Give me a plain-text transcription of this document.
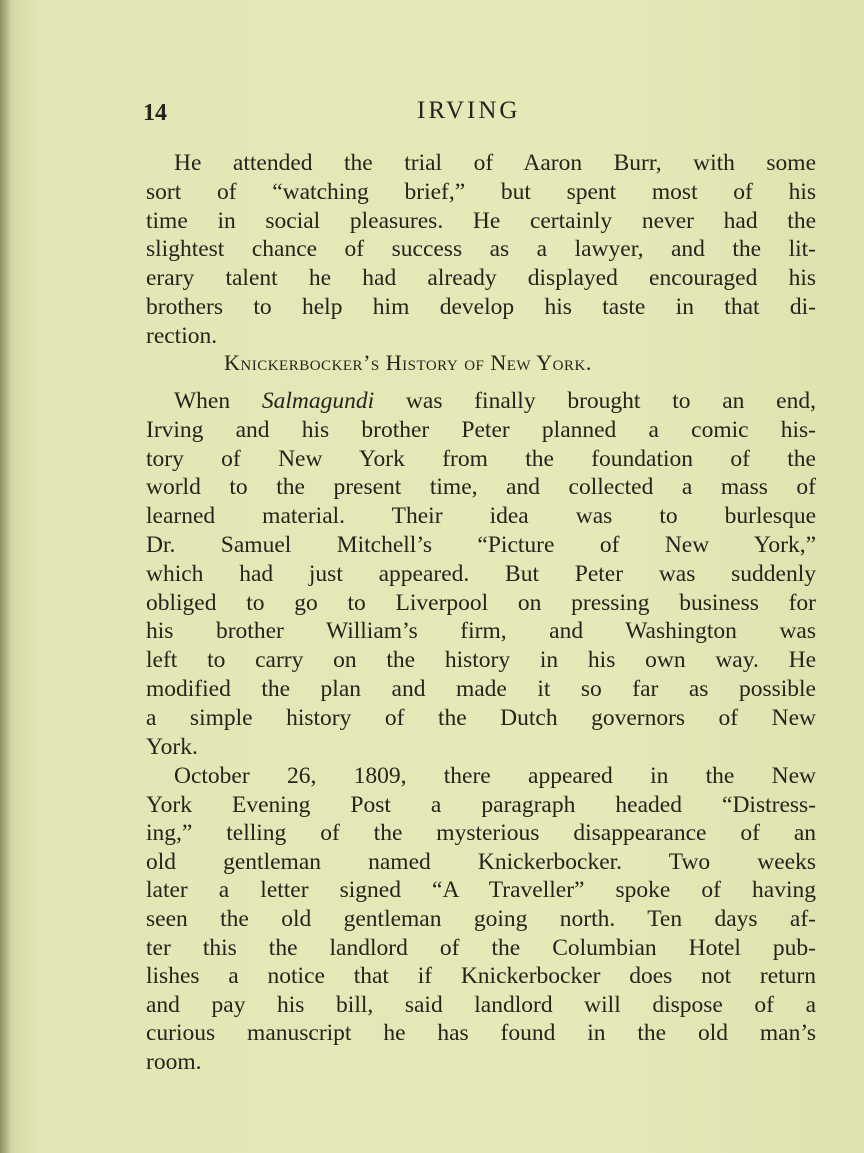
14	IRVING
He attended the trial of Aaron Burr, with some
sort of “watching brief,” but spent most of his
time in social pleasures. He certainly never had the
slightest chance of success as a lawyer, and the lit-
erary talent he had already displayed encouraged his
brothers to help him develop his taste in that di-
rection.
Knickerbocker’s History of New York.
When Salmagundi was finally brought to an end,
Irving and his brother Peter planned a comic his-
tory of New York from the foundation of the
world to the present time, and collected a mass of
learned material. Their idea was to burlesque
Dr. Samuel Mitchell’s “Picture of New York,”
which had just appeared. But Peter was suddenly
obliged to go to Liverpool on pressing business for
his brother William’s firm, and Washington was
left to carry on the history in his own way. He
modified the plan and made it so far as possible
a simple history of the Dutch governors of New
York.
October 26, 1809, there appeared in the New
York Evening Post a paragraph headed “Distress-
ing,” telling of the mysterious disappearance of an
old gentleman named Knickerbocker. Two weeks
later a letter signed “A Traveller” spoke of having
seen the old gentleman going north. Ten days af-
ter this the landlord of the Columbian Hotel pub-
lishes a notice that if Knickerbocker does not return
and pay his bill, said landlord will dispose of a
curious manuscript he has found in the old man’s
room.
